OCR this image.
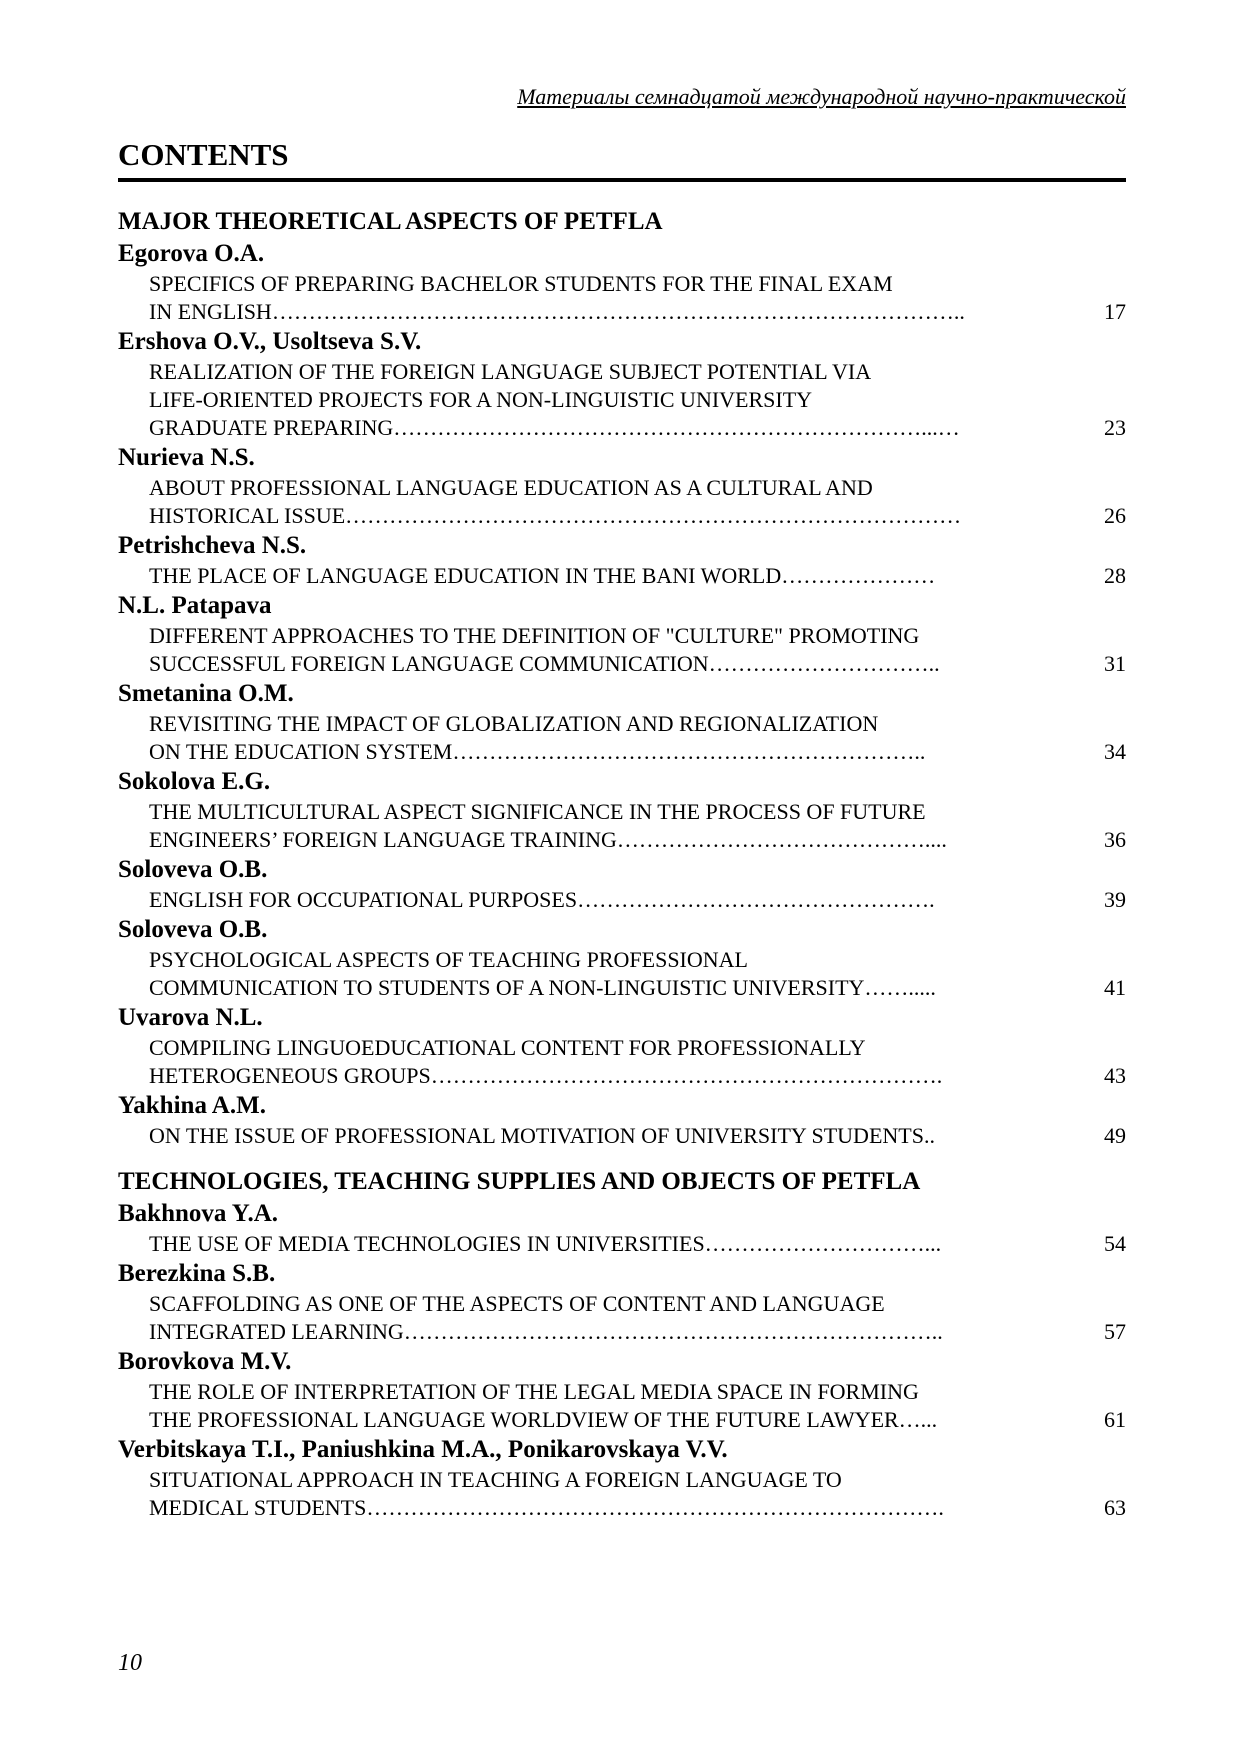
Материалы семнадцатой международной научно-практической
CONTENTS
MAJOR THEORETICAL ASPECTS OF PETFLA
Egorova O.A.
SPECIFICS OF PREPARING BACHELOR STUDENTS FOR THE FINAL EXAM
IN ENGLISH…………………………………………………………………………………..	17
Ershova O.V., Usoltseva S.V.
REALIZATION OF THE FOREIGN LANGUAGE SUBJECT POTENTIAL VIA
LIFE-ORIENTED PROJECTS FOR A NON-LINGUISTIC UNIVERSITY
GRADUATE PREPARING………………………………………………………………...…	23
Nurieva N.S.
ABOUT PROFESSIONAL LANGUAGE EDUCATION AS A CULTURAL AND
HISTORICAL ISSUE…………………………………………………………………………	26
Petrishcheva N.S.
THE PLACE OF LANGUAGE EDUCATION IN THE BANI WORLD…………………	28
N.L. Patapava
DIFFERENT APPROACHES TO THE DEFINITION OF "CULTURE" PROMOTING
SUCCESSFUL FOREIGN LANGUAGE COMMUNICATION…………………………..	31
Smetanina O.M.
REVISITING THE IMPACT OF GLOBALIZATION AND REGIONALIZATION
ON THE EDUCATION SYSTEM………………………………………………………..	34
Sokolova E.G.
THE MULTICULTURAL ASPECT SIGNIFICANCE IN THE PROCESS OF FUTURE
ENGINEERS’ FOREIGN LANGUAGE TRAINING……………………………………....	36
Soloveva O.B.
ENGLISH FOR OCCUPATIONAL PURPOSES………………………………………….	39
Soloveva O.B.
PSYCHOLOGICAL ASPECTS OF TEACHING PROFESSIONAL
COMMUNICATION TO STUDENTS OF A NON-LINGUISTIC UNIVERSITY…….....	41
Uvarova N.L.
COMPILING LINGUOEDUCATIONAL CONTENT FOR PROFESSIONALLY
HETEROGENEOUS GROUPS…………………………………………………………….	43
Yakhina A.M.
ON THE ISSUE OF PROFESSIONAL MOTIVATION OF UNIVERSITY STUDENTS..	49
TECHNOLOGIES, TEACHING SUPPLIES AND OBJECTS OF PETFLA
Bakhnova Y.A.
THE USE OF MEDIA TECHNOLOGIES IN UNIVERSITIES…………………………...	54
Berezkina S.B.
SCAFFOLDING AS ONE OF THE ASPECTS OF CONTENT AND LANGUAGE
INTEGRATED LEARNING………………………………………………………………..	57
Borovkova M.V.
THE ROLE OF INTERPRETATION OF THE LEGAL MEDIA SPACE IN FORMING
THE PROFESSIONAL LANGUAGE WORLDVIEW OF THE FUTURE LAWYER…...	61
Verbitskaya T.I., Paniushkina M.A., Ponikarovskaya V.V.
SITUATIONAL APPROACH IN TEACHING A FOREIGN LANGUAGE TO
MEDICAL STUDENTS…………………………………………………………………….	63
10
